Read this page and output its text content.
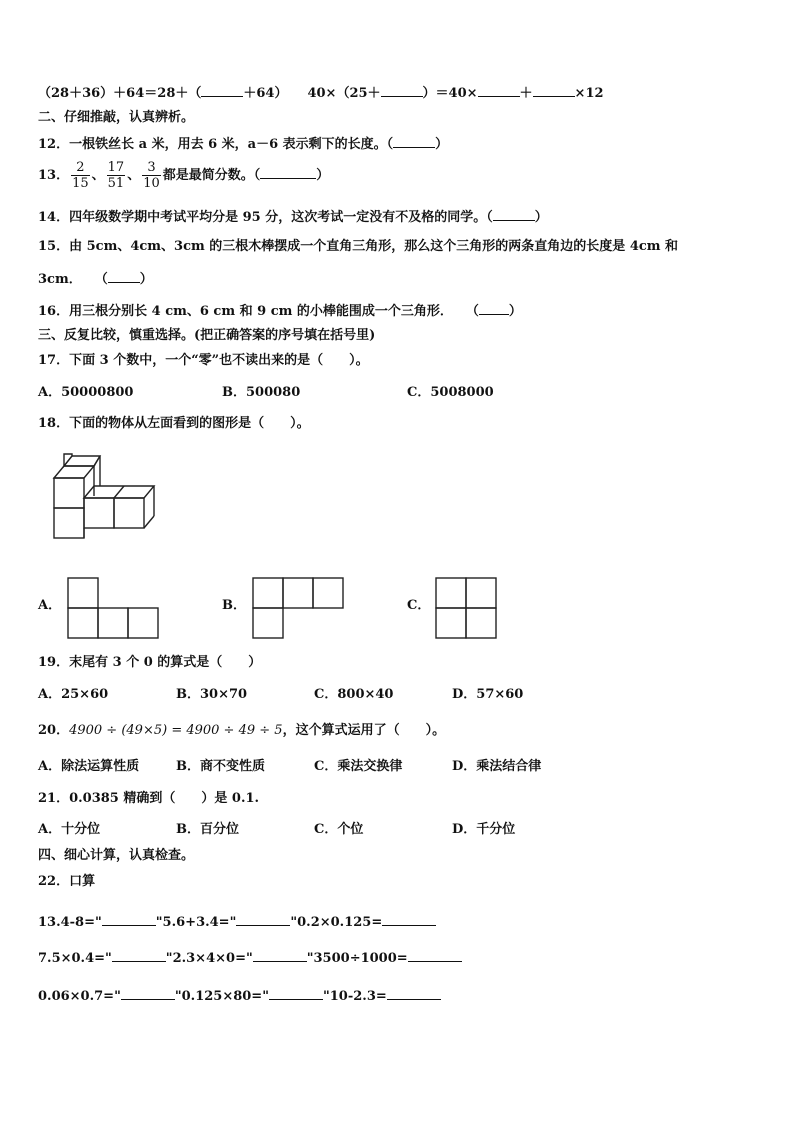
（28＋36）＋64＝28＋（	＋64） 40×（25＋	）＝40×	＋	×12
二、仔细推敲，认真辨析。
12．一根铁丝长 a 米，用去 6 米，a－6 表示剩下的长度。（	）
13． $\frac{2}{15}$ 、 $\frac{17}{51}$ 、 $\frac{3}{10}$ 都是最简分数。（	）
14．四年级数学期中考试平均分是 95 分，这次考试一定没有不及格的同学。（	）
15．由 5cm、4cm、3cm 的三根木棒摆成一个直角三角形，那么这个三角形的两条直角边的长度是 4cm 和
3cm．　　（ ）
16．用三根分别长 4 cm、6 cm 和 9 cm 的小棒能围成一个三角形．　　（ ）
三、反复比较，慎重选择。(把正确答案的序号填在括号里)
17．下面 3 个数中，一个“零”也不读出来的是（　　）。
A．50000800	B．500080	C．5008000
18．下面的物体从左面看到的图形是（　　）。
A．	B．	C．
19．末尾有 3 个 0 的算式是（　　）
A．25×60	B．30×70	C．800×40	D．57×60
20．4900 ÷ (49×5) = 4900 ÷ 49 ÷ 5，这个算式运用了（　　）。
A．除法运算性质	B．商不变性质	C．乘法交换律	D．乘法结合律
21．0.0385 精确到（　　）是 0.1.
A．十分位	B．百分位	C．个位	D．千分位
四、细心计算，认真检查。
22．口算
13.4-8="	"5.6+3.4="	"0.2×0.125=
7.5×0.4="	"2.3×4×0="	"3500÷1000=
0.06×0.7="	"0.125×80="	"10-2.3=
